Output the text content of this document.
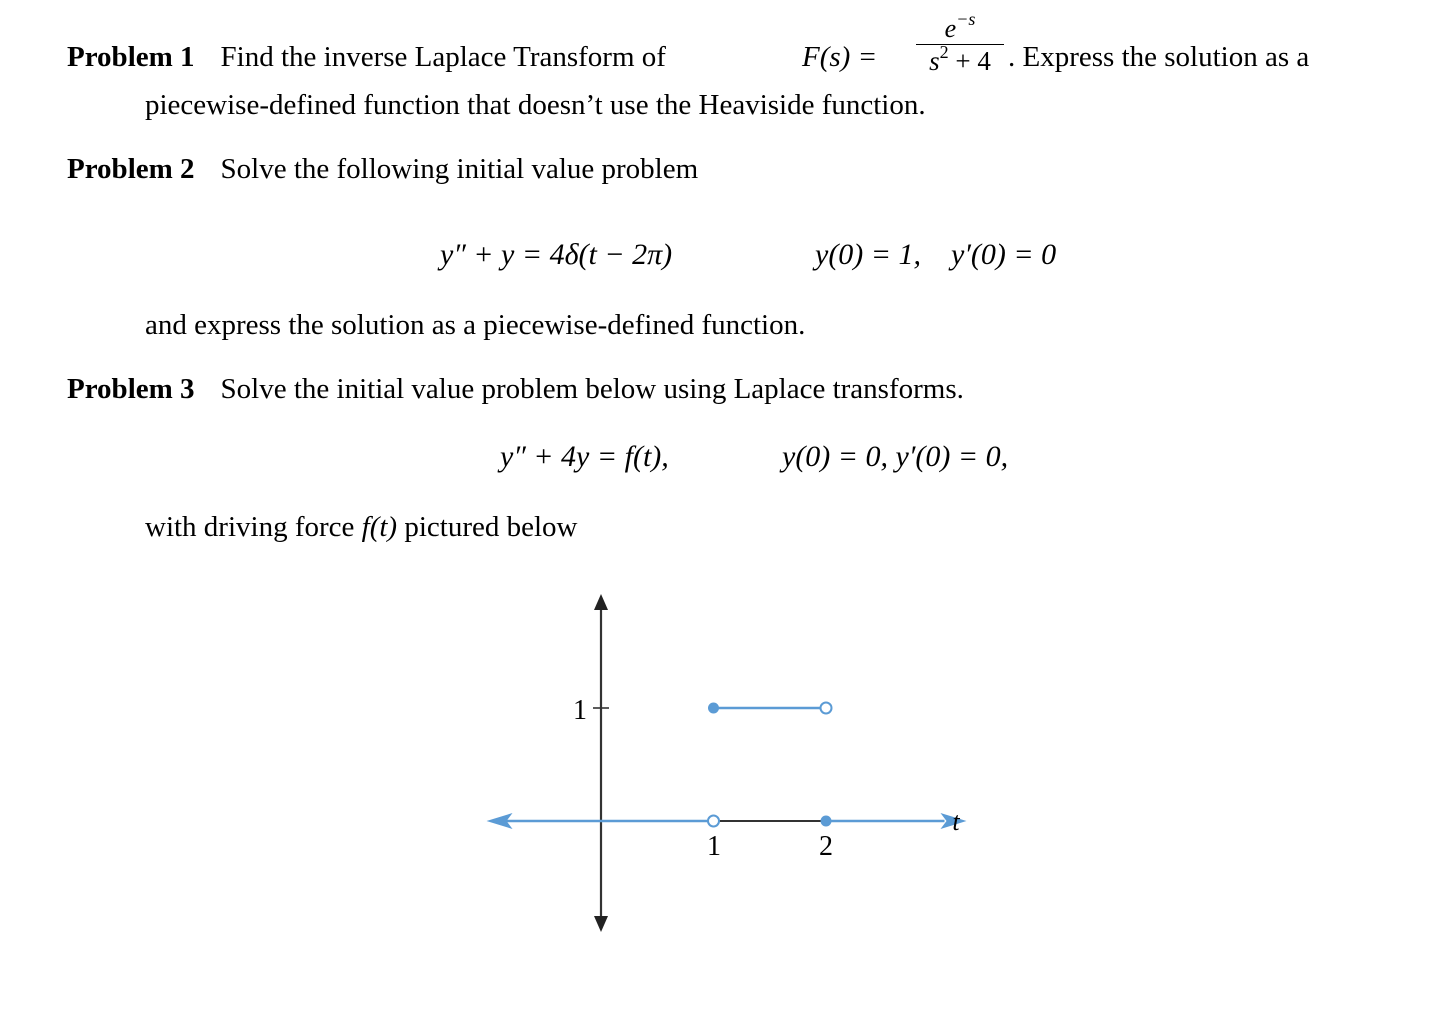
Problem 1 Find the inverse Laplace Transform of	F(s) =
$e^{-s}$
$s^2 + 4$ . Express the solution as a
piecewise-defined function that doesn’t use the Heaviside function.
Problem 2 Solve the following initial value problem
y″ + y = 4δ(t − 2π)	y(0) = 1,    y′(0) = 0
and express the solution as a piecewise-defined function.
Problem 3 Solve the initial value problem below using Laplace transforms.
y″ + 4y = f(t),	y(0) = 0, y′(0) = 0,
with driving force f(t) pictured below
1
1	2
t
